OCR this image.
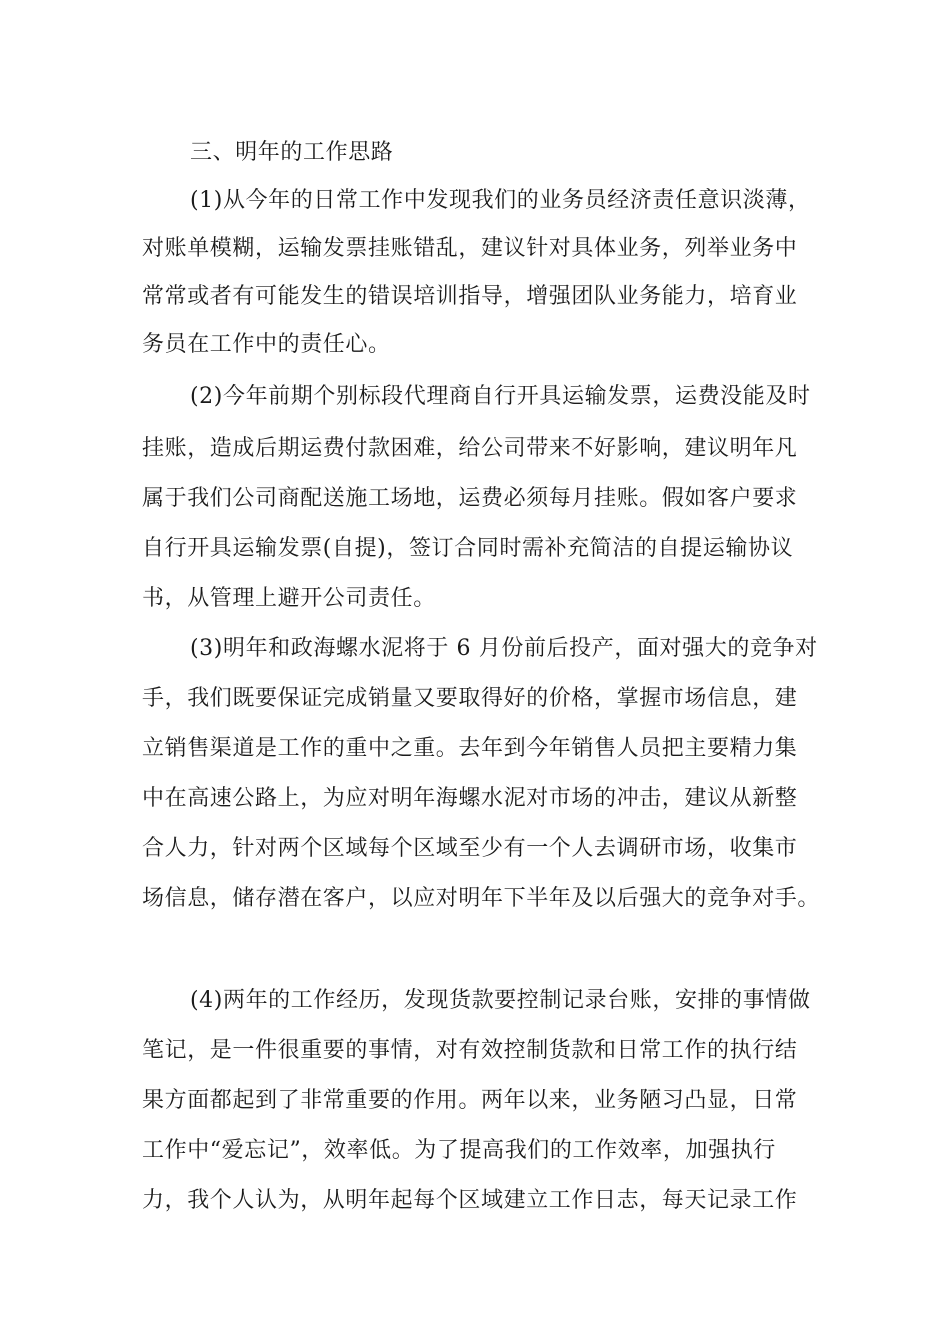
三、明年的工作思路

(1)从今年的日常工作中发现我们的业务员经济责任意识淡薄，

对账单模糊，运输发票挂账错乱，建议针对具体业务，列举业务中

常常或者有可能发生的错误培训指导，增强团队业务能力，培育业

务员在工作中的责任心。

(2)今年前期个别标段代理商自行开具运输发票，运费没能及时

挂账，造成后期运费付款困难，给公司带来不好影响，建议明年凡

属于我们公司商配送施工场地，运费必须每月挂账。假如客户要求

自行开具运输发票(自提)，签订合同时需补充简洁的自提运输协议

书，从管理上避开公司责任。

(3)明年和政海螺水泥将于 6 月份前后投产，面对强大的竞争对

手，我们既要保证完成销量又要取得好的价格，掌握市场信息，建

立销售渠道是工作的重中之重。去年到今年销售人员把主要精力集

中在高速公路上，为应对明年海螺水泥对市场的冲击，建议从新整

合人力，针对两个区域每个区域至少有一个人去调研市场，收集市

场信息，储存潜在客户，以应对明年下半年及以后强大的竞争对手。

(4)两年的工作经历，发现货款要控制记录台账，安排的事情做

笔记，是一件很重要的事情，对有效控制货款和日常工作的执行结

果方面都起到了非常重要的作用。两年以来，业务陋习凸显，日常

工作中“爱忘记”，效率低。为了提高我们的工作效率，加强执行

力，我个人认为，从明年起每个区域建立工作日志，每天记录工作
